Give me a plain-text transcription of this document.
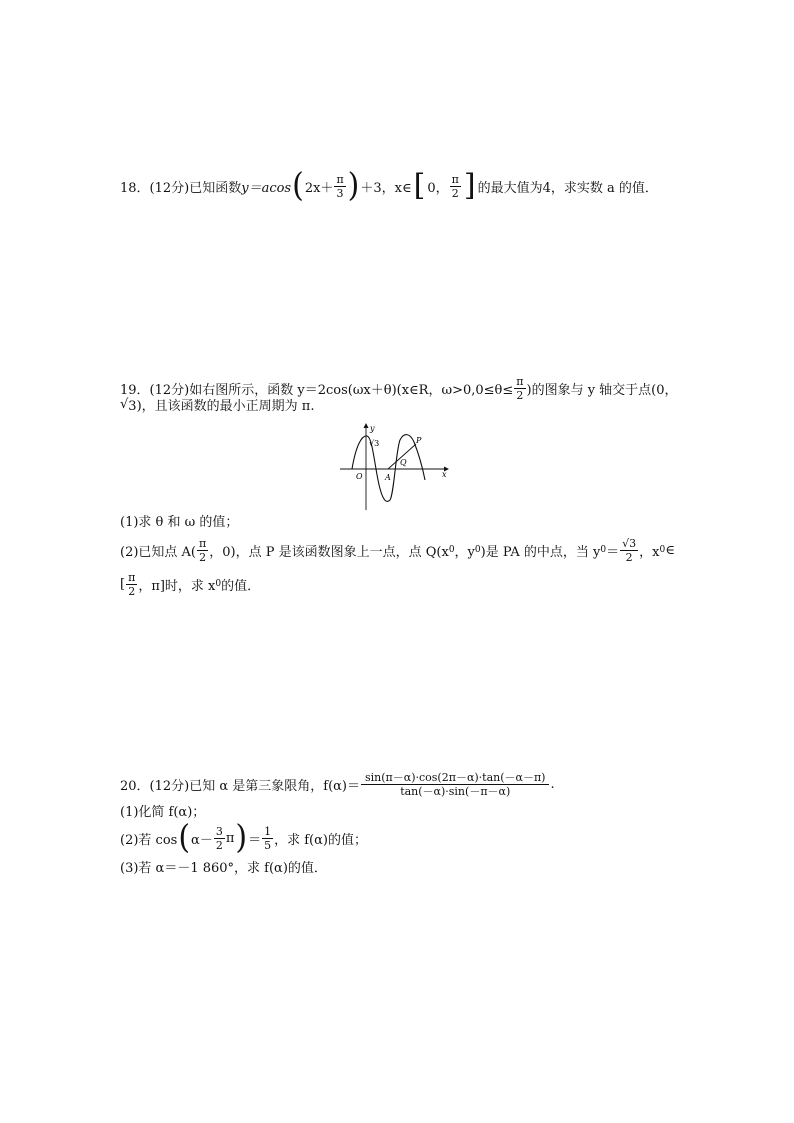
18．(12分)已知函数 y＝acos ( $2x+ \frac{\pi}{3}$ ) ＋3，x∈ [ 0， $\frac{\pi}{2}$ ] 的最大值为4，求实数 a 的值．
19．(12分)如右图所示，函数 y＝2cos(ωx＋θ)(x∈R，$\omega>0,0\le\theta\le \frac{\pi}{2}$ )的图象与 y 轴交于点(0，
√ 3)，且该函数的最小正周期为 π.
√3
O	A
Q
P
x
y
(1)求 θ 和 ω 的值；
(2)已知点 $A( \frac{\pi}{2}$ ，0)，点 P 是该函数图象上一点，点 Q(x 0 ，y 0 )是 PA 的中点，当 y $0 = \frac{√3}{2}$ ，x 0 ∈
[ $\frac{\pi}{2}$ ，π]时，求 x 0 的值．
20．(12分)已知 α 是第三象限角，$f(\alpha)= \frac{\sin(\pi-\alpha)\cdot\cos(2\pi-\alpha)\cdot\tan(-\alpha-\pi)}{\tan(-\alpha)\cdot\sin(-\pi-\alpha)}$ .
(1)化简 f(α)；
(2)若 cos ( $\alpha- \frac{3}{2}$ π ) ＝ $\frac{1}{5}$ ，求 f(α)的值；
(3)若 α＝－1 860°，求 f(α)的值．
